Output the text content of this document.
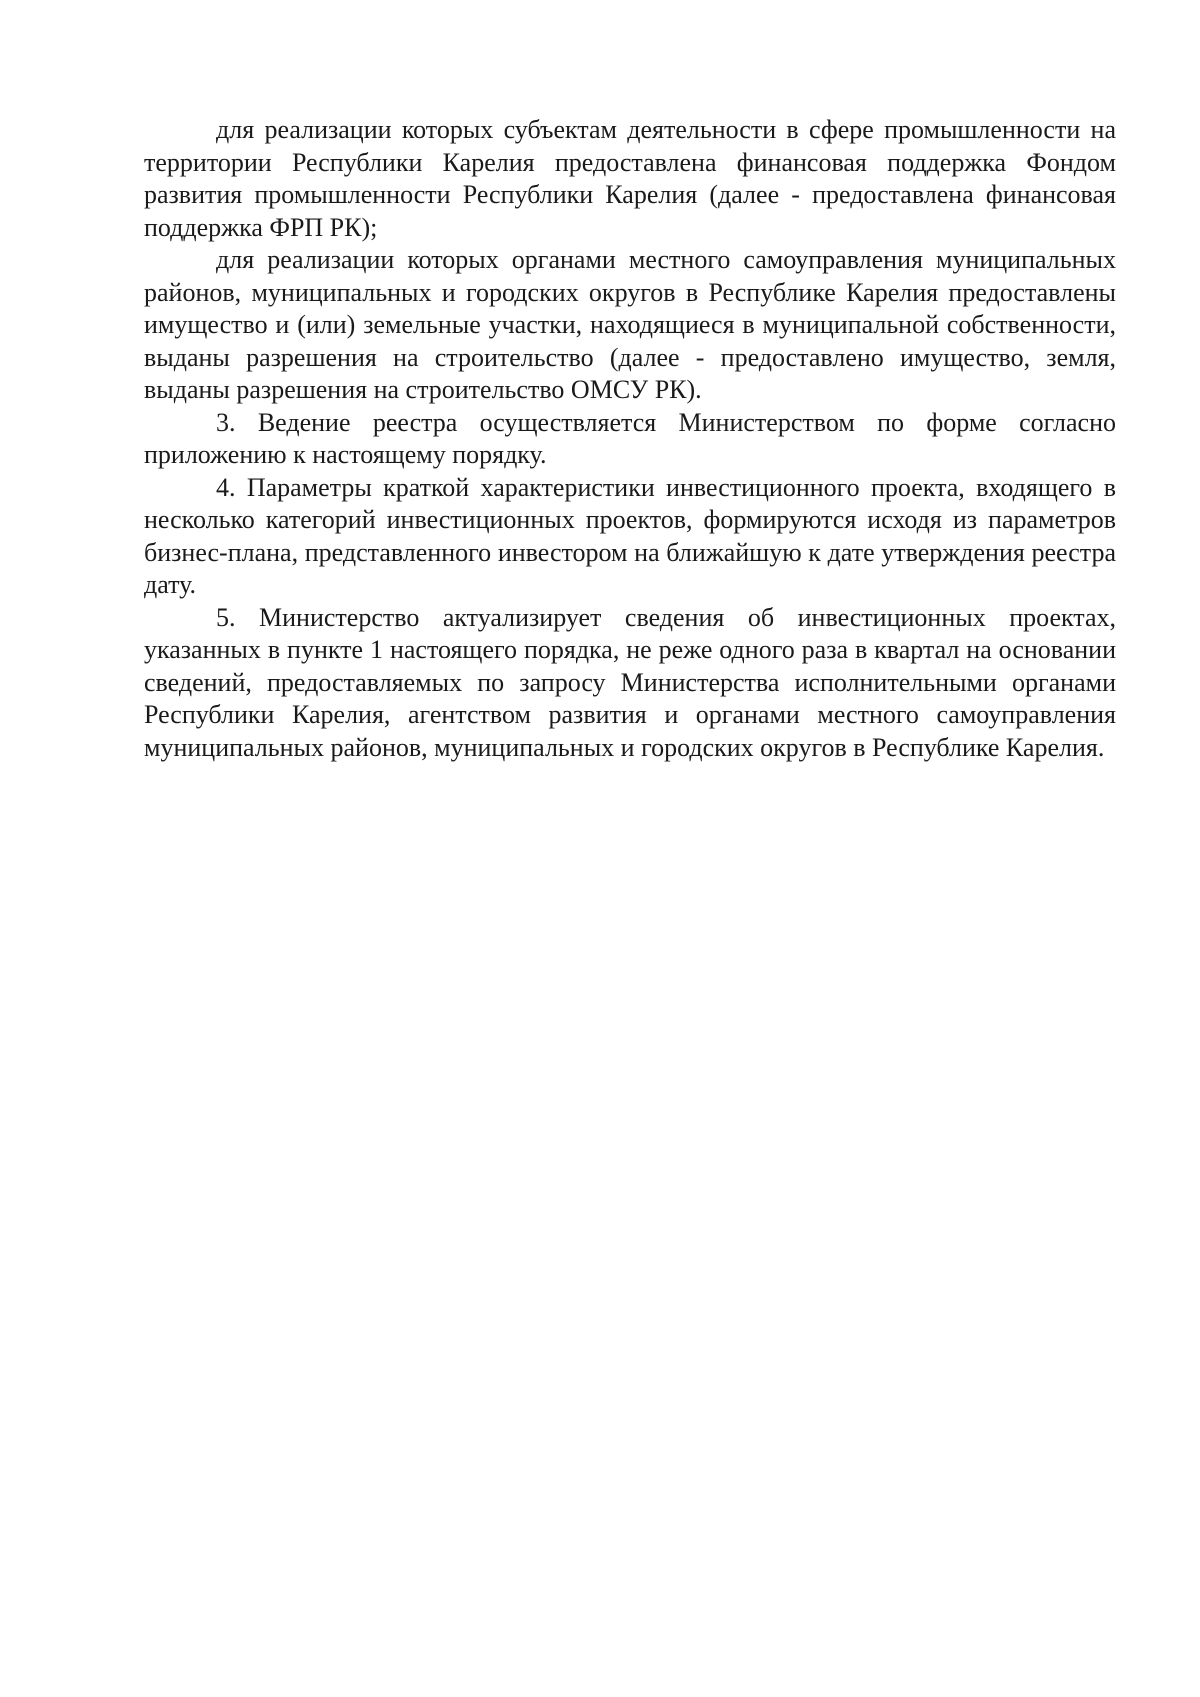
для реализации которых субъектам деятельности в сфере промышленности на территории Республики Карелия предоставлена финансовая поддержка Фондом развития промышленности Республики Карелия (далее - предоставлена финансовая поддержка ФРП РК);

для реализации которых органами местного самоуправления муниципальных районов, муниципальных и городских округов в Республике Карелия предоставлены имущество и (или) земельные участки, находящиеся в муниципальной собственности, выданы разрешения на строительство (далее - предоставлено имущество, земля, выданы разрешения на строительство ОМСУ РК).

3. Ведение реестра осуществляется Министерством по форме согласно приложению к настоящему порядку.

4. Параметры краткой характеристики инвестиционного проекта, входящего в несколько категорий инвестиционных проектов, формируются исходя из параметров бизнес-плана, представленного инвестором на ближайшую к дате утверждения реестра дату.

5. Министерство актуализирует сведения об инвестиционных проектах, указанных в пункте 1 настоящего порядка, не реже одного раза в квартал на основании сведений, предоставляемых по запросу Министерства исполнительными органами Республики Карелия, агентством развития и органами местного самоуправления муниципальных районов, муниципальных и городских округов в Республике Карелия.
